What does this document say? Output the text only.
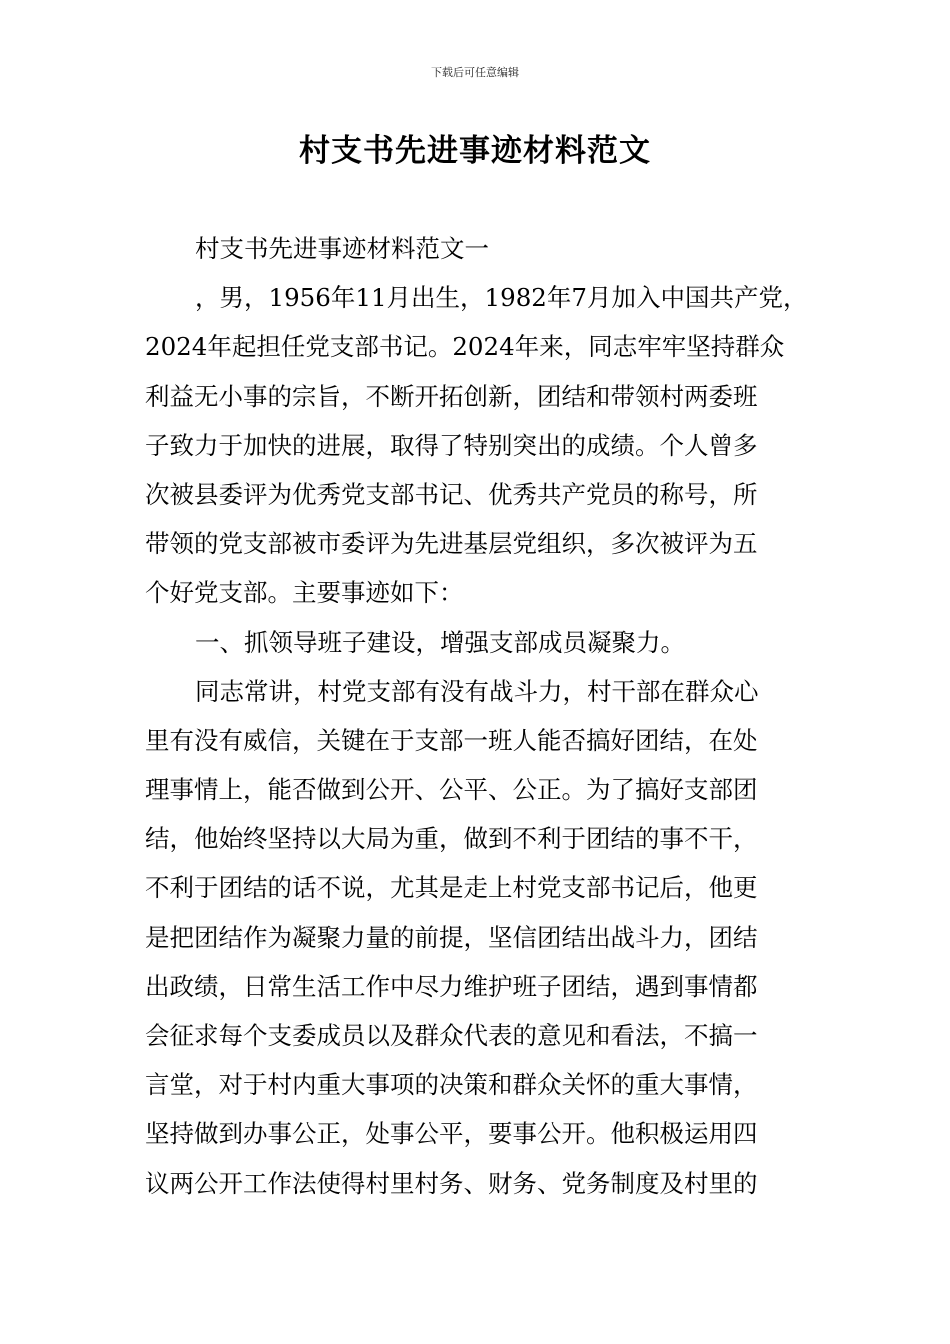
下载后可任意编辑
村支书先进事迹材料范文
村支书先进事迹材料范文一
，男，1956年11月出生，1982年7月加入中国共产党，
2024年起担任党支部书记。2024年来，同志牢牢坚持群众
利益无小事的宗旨，不断开拓创新，团结和带领村两委班
子致力于加快的进展，取得了特别突出的成绩。个人曾多
次被县委评为优秀党支部书记、优秀共产党员的称号，所
带领的党支部被市委评为先进基层党组织，多次被评为五
个好党支部。主要事迹如下：
一、抓领导班子建设，增强支部成员凝聚力。
同志常讲，村党支部有没有战斗力，村干部在群众心
里有没有威信，关键在于支部一班人能否搞好团结，在处
理事情上，能否做到公开、公平、公正。为了搞好支部团
结，他始终坚持以大局为重，做到不利于团结的事不干，
不利于团结的话不说，尤其是走上村党支部书记后，他更
是把团结作为凝聚力量的前提，坚信团结出战斗力，团结
出政绩，日常生活工作中尽力维护班子团结，遇到事情都
会征求每个支委成员以及群众代表的意见和看法，不搞一
言堂，对于村内重大事项的决策和群众关怀的重大事情，
坚持做到办事公正，处事公平，要事公开。他积极运用四
议两公开工作法使得村里村务、财务、党务制度及村里的
